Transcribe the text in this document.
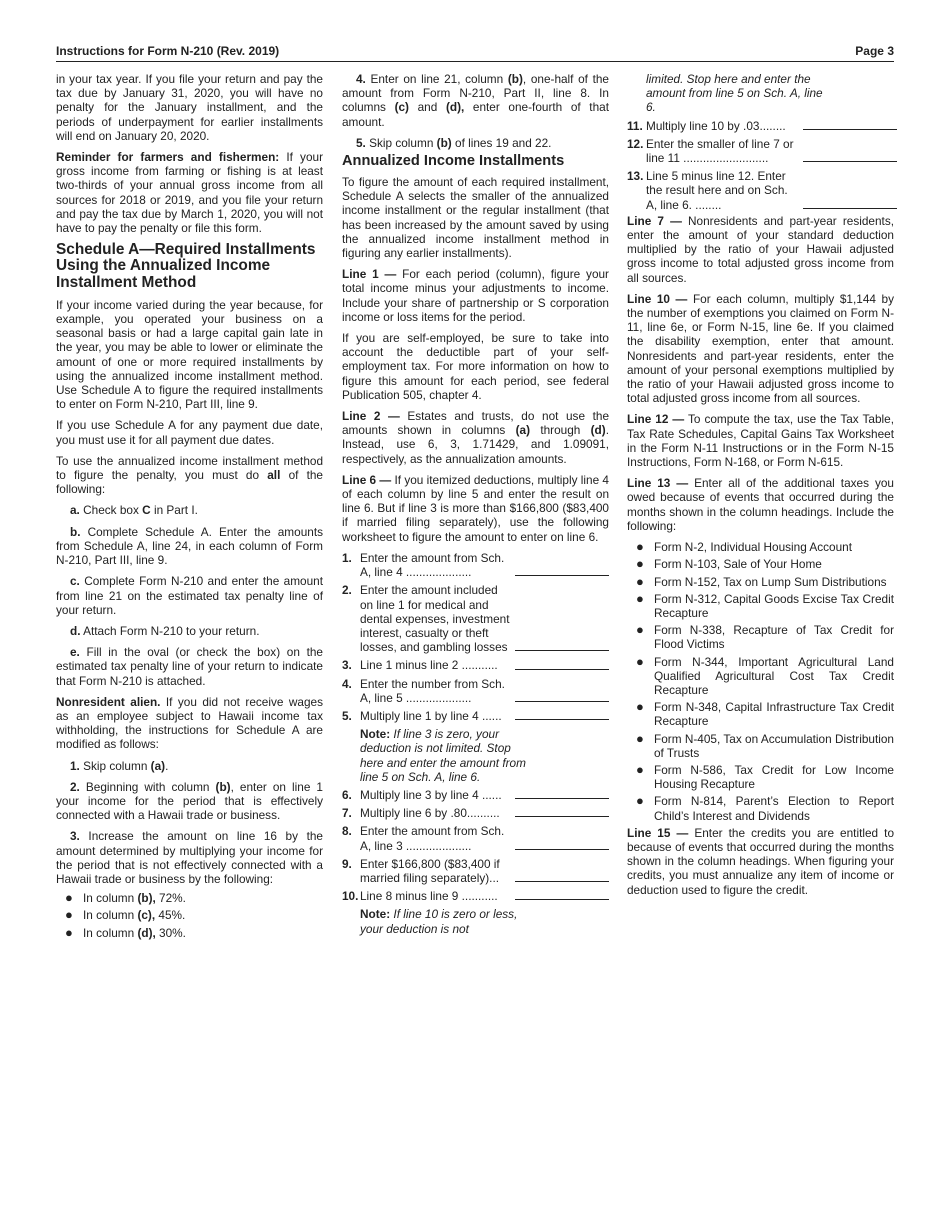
Instructions for Form N-210 (Rev. 2019)	Page 3

in your tax year. If you file your return and pay the tax due by January 31, 2020, you will have no penalty for the January installment, and the periods of underpayment for earlier installments will end on January 20, 2020.

Reminder for farmers and fishermen: If your gross income from farming or fishing is at least two-thirds of your annual gross income from all sources for 2018 or 2019, and you file your return and pay the tax due by March 1, 2020, you will not have to pay the penalty or file this form.

Schedule A—Required Installments Using the Annualized Income Installment Method

If your income varied during the year because, for example, you operated your business on a seasonal basis or had a large capital gain late in the year, you may be able to lower or eliminate the amount of one or more required installments by using the annualized income installment method. Use Schedule A to figure the required installments to enter on Form N-210, Part III, line 9.

If you use Schedule A for any payment due date, you must use it for all payment due dates.

To use the annualized income installment method to figure the penalty, you must do all of the following:

a. Check box C in Part I.

b. Complete Schedule A. Enter the amounts from Schedule A, line 24, in each column of Form N-210, Part III, line 9.

c. Complete Form N-210 and enter the amount from line 21 on the estimated tax penalty line of your return.

d. Attach Form N-210 to your return.

e. Fill in the oval (or check the box) on the estimated tax penalty line of your return to indicate that Form N-210 is attached.

Nonresident alien. If you did not receive wages as an employee subject to Hawaii income tax withholding, the instructions for Schedule A are modified as follows:

1. Skip column (a).

2. Beginning with column (b), enter on line 1 your income for the period that is effectively connected with a Hawaii trade or business.

3. Increase the amount on line 16 by the amount determined by multiplying your income for the period that is not effectively connected with a Hawaii trade or business by the following:

● In column (b), 72%.
● In column (c), 45%.
● In column (d), 30%.

4. Enter on line 21, column (b), one-half of the amount from Form N-210, Part II, line 8. In columns (c) and (d), enter one-fourth of that amount.

5. Skip column (b) of lines 19 and 22.

Annualized Income Installments

To figure the amount of each required installment, Schedule A selects the smaller of the annualized income installment or the regular installment (that has been increased by the amount saved by using the annualized income installment method in figuring any earlier installments).

Line 1 — For each period (column), figure your total income minus your adjustments to income. Include your share of partnership or S corporation income or loss items for the period.

If you are self-employed, be sure to take into account the deductible part of your self-employment tax. For more information on how to figure this amount for each period, see federal Publication 505, chapter 4.

Line 2 — Estates and trusts, do not use the amounts shown in columns (a) through (d). Instead, use 6, 3, 1.71429, and 1.09091, respectively, as the annualization amounts.

Line 6 — If you itemized deductions, multiply line 4 of each column by line 5 and enter the result on line 6. But if line 3 is more than $166,800 ($83,400 if married filing separately), use the following worksheet to figure the amount to enter on line 6.

1. Enter the amount from Sch. A, line 4 ....................
2. Enter the amount included on line 1 for medical and dental expenses, investment interest, casualty or theft losses, and gambling losses
3. Line 1 minus line 2 ...........
4. Enter the number from Sch. A, line 5 ....................
5. Multiply line 1 by line 4 ......
Note: If line 3 is zero, your deduction is not limited. Stop here and enter the amount from line 5 on Sch. A, line 6.
6. Multiply line 3 by line 4 ......
7. Multiply line 6 by .80..........
8. Enter the amount from Sch. A, line 3 ....................
9. Enter $166,800 ($83,400 if married filing separately)...
10. Line 8 minus line 9 ...........
Note: If line 10 is zero or less, your deduction is not
limited. Stop here and enter the amount from line 5 on Sch. A, line 6.
11. Multiply line 10 by .03........
12. Enter the smaller of line 7 or line 11 ..........................
13. Line 5 minus line 12. Enter the result here and on Sch. A, line 6. ........

Line 7 — Nonresidents and part-year residents, enter the amount of your standard deduction multiplied by the ratio of your Hawaii adjusted gross income to total adjusted gross income from all sources.

Line 10 — For each column, multiply $1,144 by the number of exemptions you claimed on Form N-11, line 6e, or Form N-15, line 6e. If you claimed the disability exemption, enter that amount. Nonresidents and part-year residents, enter the amount of your personal exemptions multiplied by the ratio of your Hawaii adjusted gross income to total adjusted gross income from all sources.

Line 12 — To compute the tax, use the Tax Table, Tax Rate Schedules, Capital Gains Tax Worksheet in the Form N-11 Instructions or in the Form N-15 Instructions, Form N-168, or Form N-615.

Line 13 — Enter all of the additional taxes you owed because of events that occurred during the months shown in the column headings. Include the following:

● Form N-2, Individual Housing Account
● Form N-103, Sale of Your Home
● Form N-152, Tax on Lump Sum Distributions
● Form N-312, Capital Goods Excise Tax Credit Recapture
● Form N-338, Recapture of Tax Credit for Flood Victims
● Form N-344, Important Agricultural Land Qualified Agricultural Cost Tax Credit Recapture
● Form N-348, Capital Infrastructure Tax Credit Recapture
● Form N-405, Tax on Accumulation Distribution of Trusts
● Form N-586, Tax Credit for Low Income Housing Recapture
● Form N-814, Parent’s Election to Report Child’s Interest and Dividends

Line 15 — Enter the credits you are entitled to because of events that occurred during the months shown in the column headings. When figuring your credits, you must annualize any item of income or deduction used to figure the credit.
